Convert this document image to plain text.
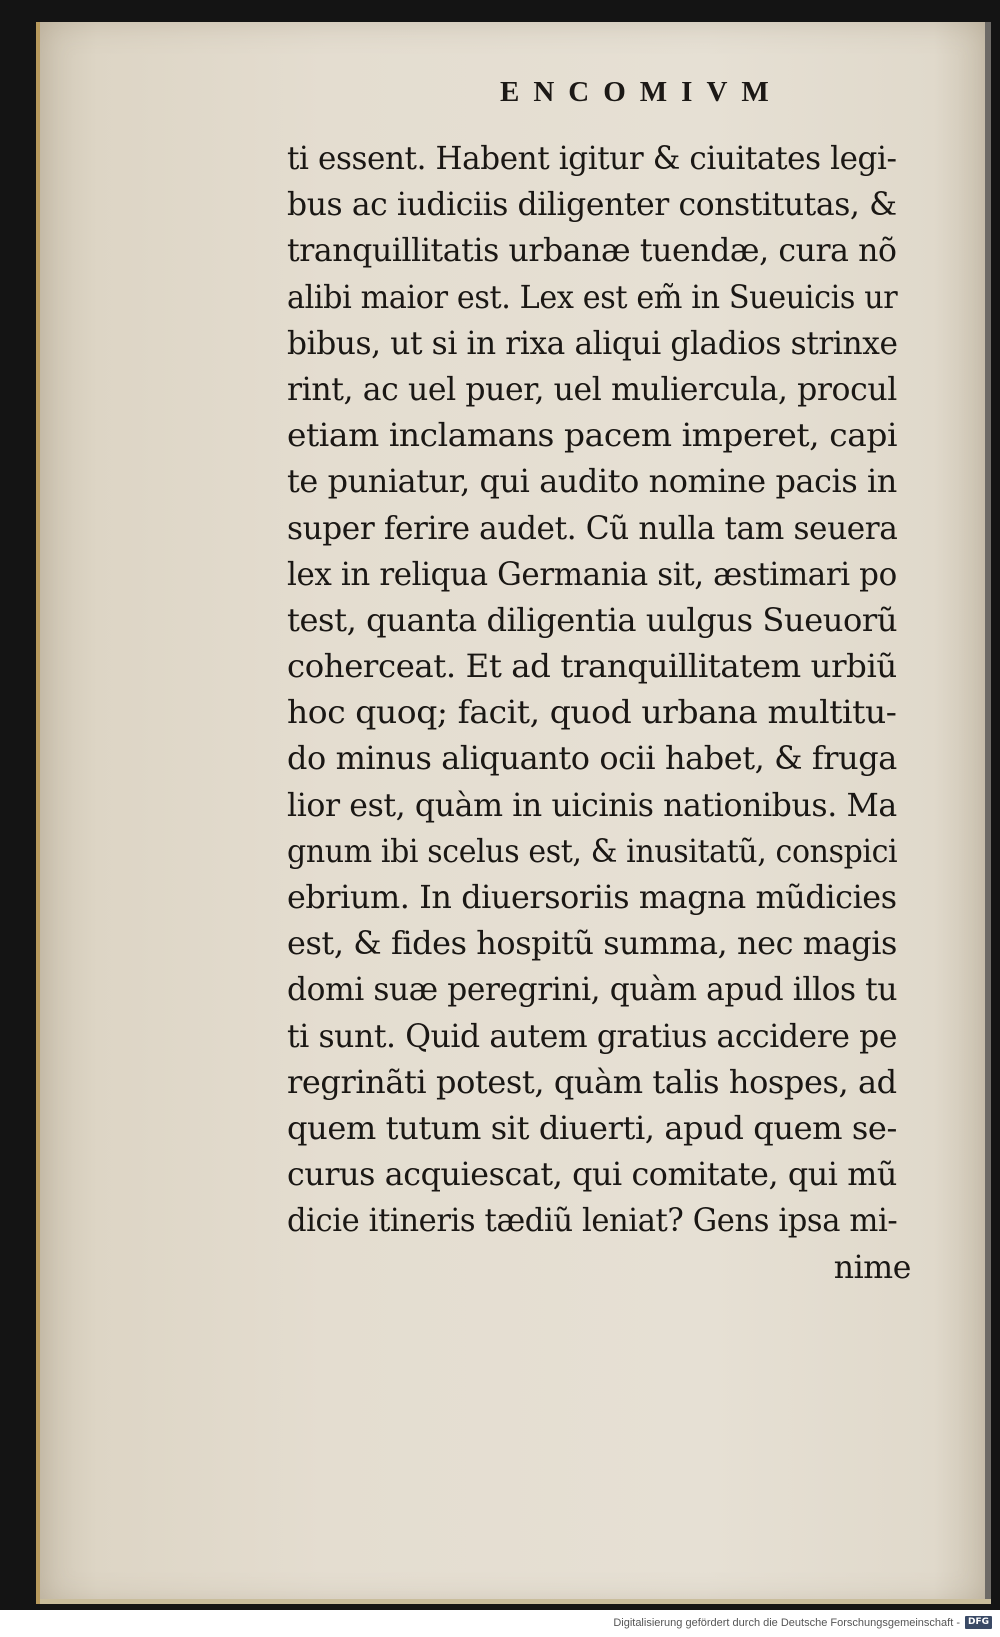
ENCOMIVM
ti essent. Habent igitur & ciuitates legi-
bus ac iudiciis diligenter constitutas, &
tranquillitatis urbanæ tuendæ, cura nõ
alibi maior est. Lex est em̃ in Sueuicis ur
bibus, ut si in rixa aliqui gladios strinxe
rint, ac uel puer, uel muliercula, procul
etiam inclamans pacem imperet, capi
te puniatur, qui audito nomine pacis in
super ferire audet. Cũ nulla tam seuera
lex in reliqua Germania sit, æstimari po
test, quanta diligentia uulgus Sueuorũ
coherceat. Et ad tranquillitatem urbiũ
hoc quoq; facit, quod urbana multitu-
do minus aliquanto ocii habet, & fruga
lior est, quàm in uicinis nationibus. Ma
gnum ibi scelus est, & inusitatũ, conspici
ebrium. In diuersoriis magna mũdicies
est, & fides hospitũ summa, nec magis
domi suæ peregrini, quàm apud illos tu
ti sunt. Quid autem gratius accidere pe
regrinãti potest, quàm talis hospes, ad
quem tutum sit diuerti, apud quem se-
curus acquiescat, qui comitate, qui mũ
dicie itineris tædiũ leniat? Gens ipsa mi-
nime
Digitalisierung gefördert durch die Deutsche Forschungsgemeinschaft - DFG
